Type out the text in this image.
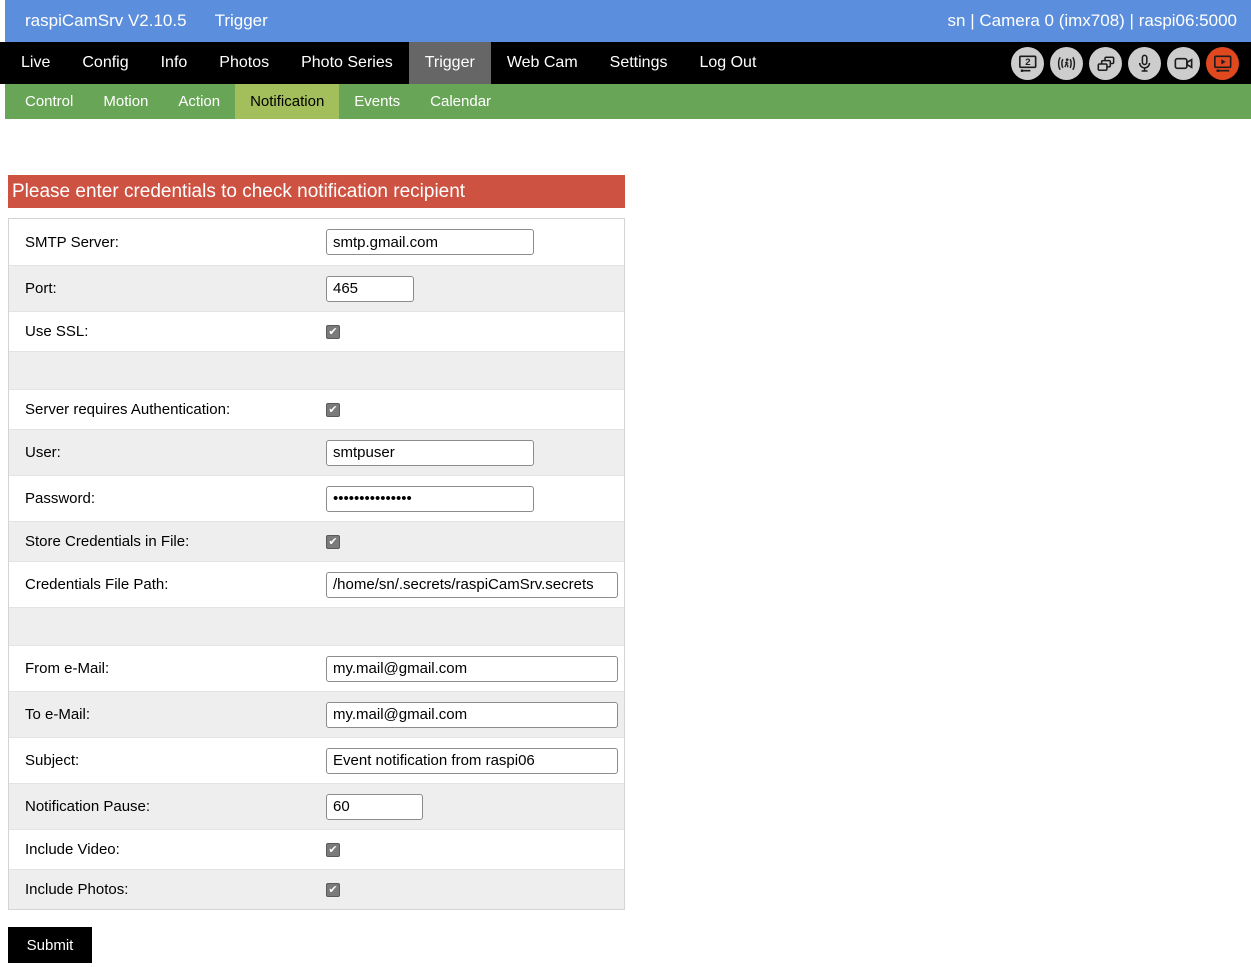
raspiCamSrv V2.10.5 Trigger	sn | Camera 0 (imx708) | raspi06:5000
Live	Config	Info	Photos	Photo Series	Trigger	Web Cam	Settings	Log Out	2
Control	Motion	Action	Notification	Events	Calendar
Please enter credentials to check notification recipient
SMTP Server:
smtp.gmail.com
Port:
465
Use SSL:	✔
Server requires Authentication:	✔
User:
smtpuser
Password:
•••••••••••••••
Store Credentials in File:	✔
Credentials File Path:
/home/sn/.secrets/raspiCamSrv.secrets
From e-Mail:
my.mail@gmail.com
To e-Mail:
my.mail@gmail.com
Subject:
Event notification from raspi06
Notification Pause:
60
Include Video:	✔
Include Photos:	✔
Submit
